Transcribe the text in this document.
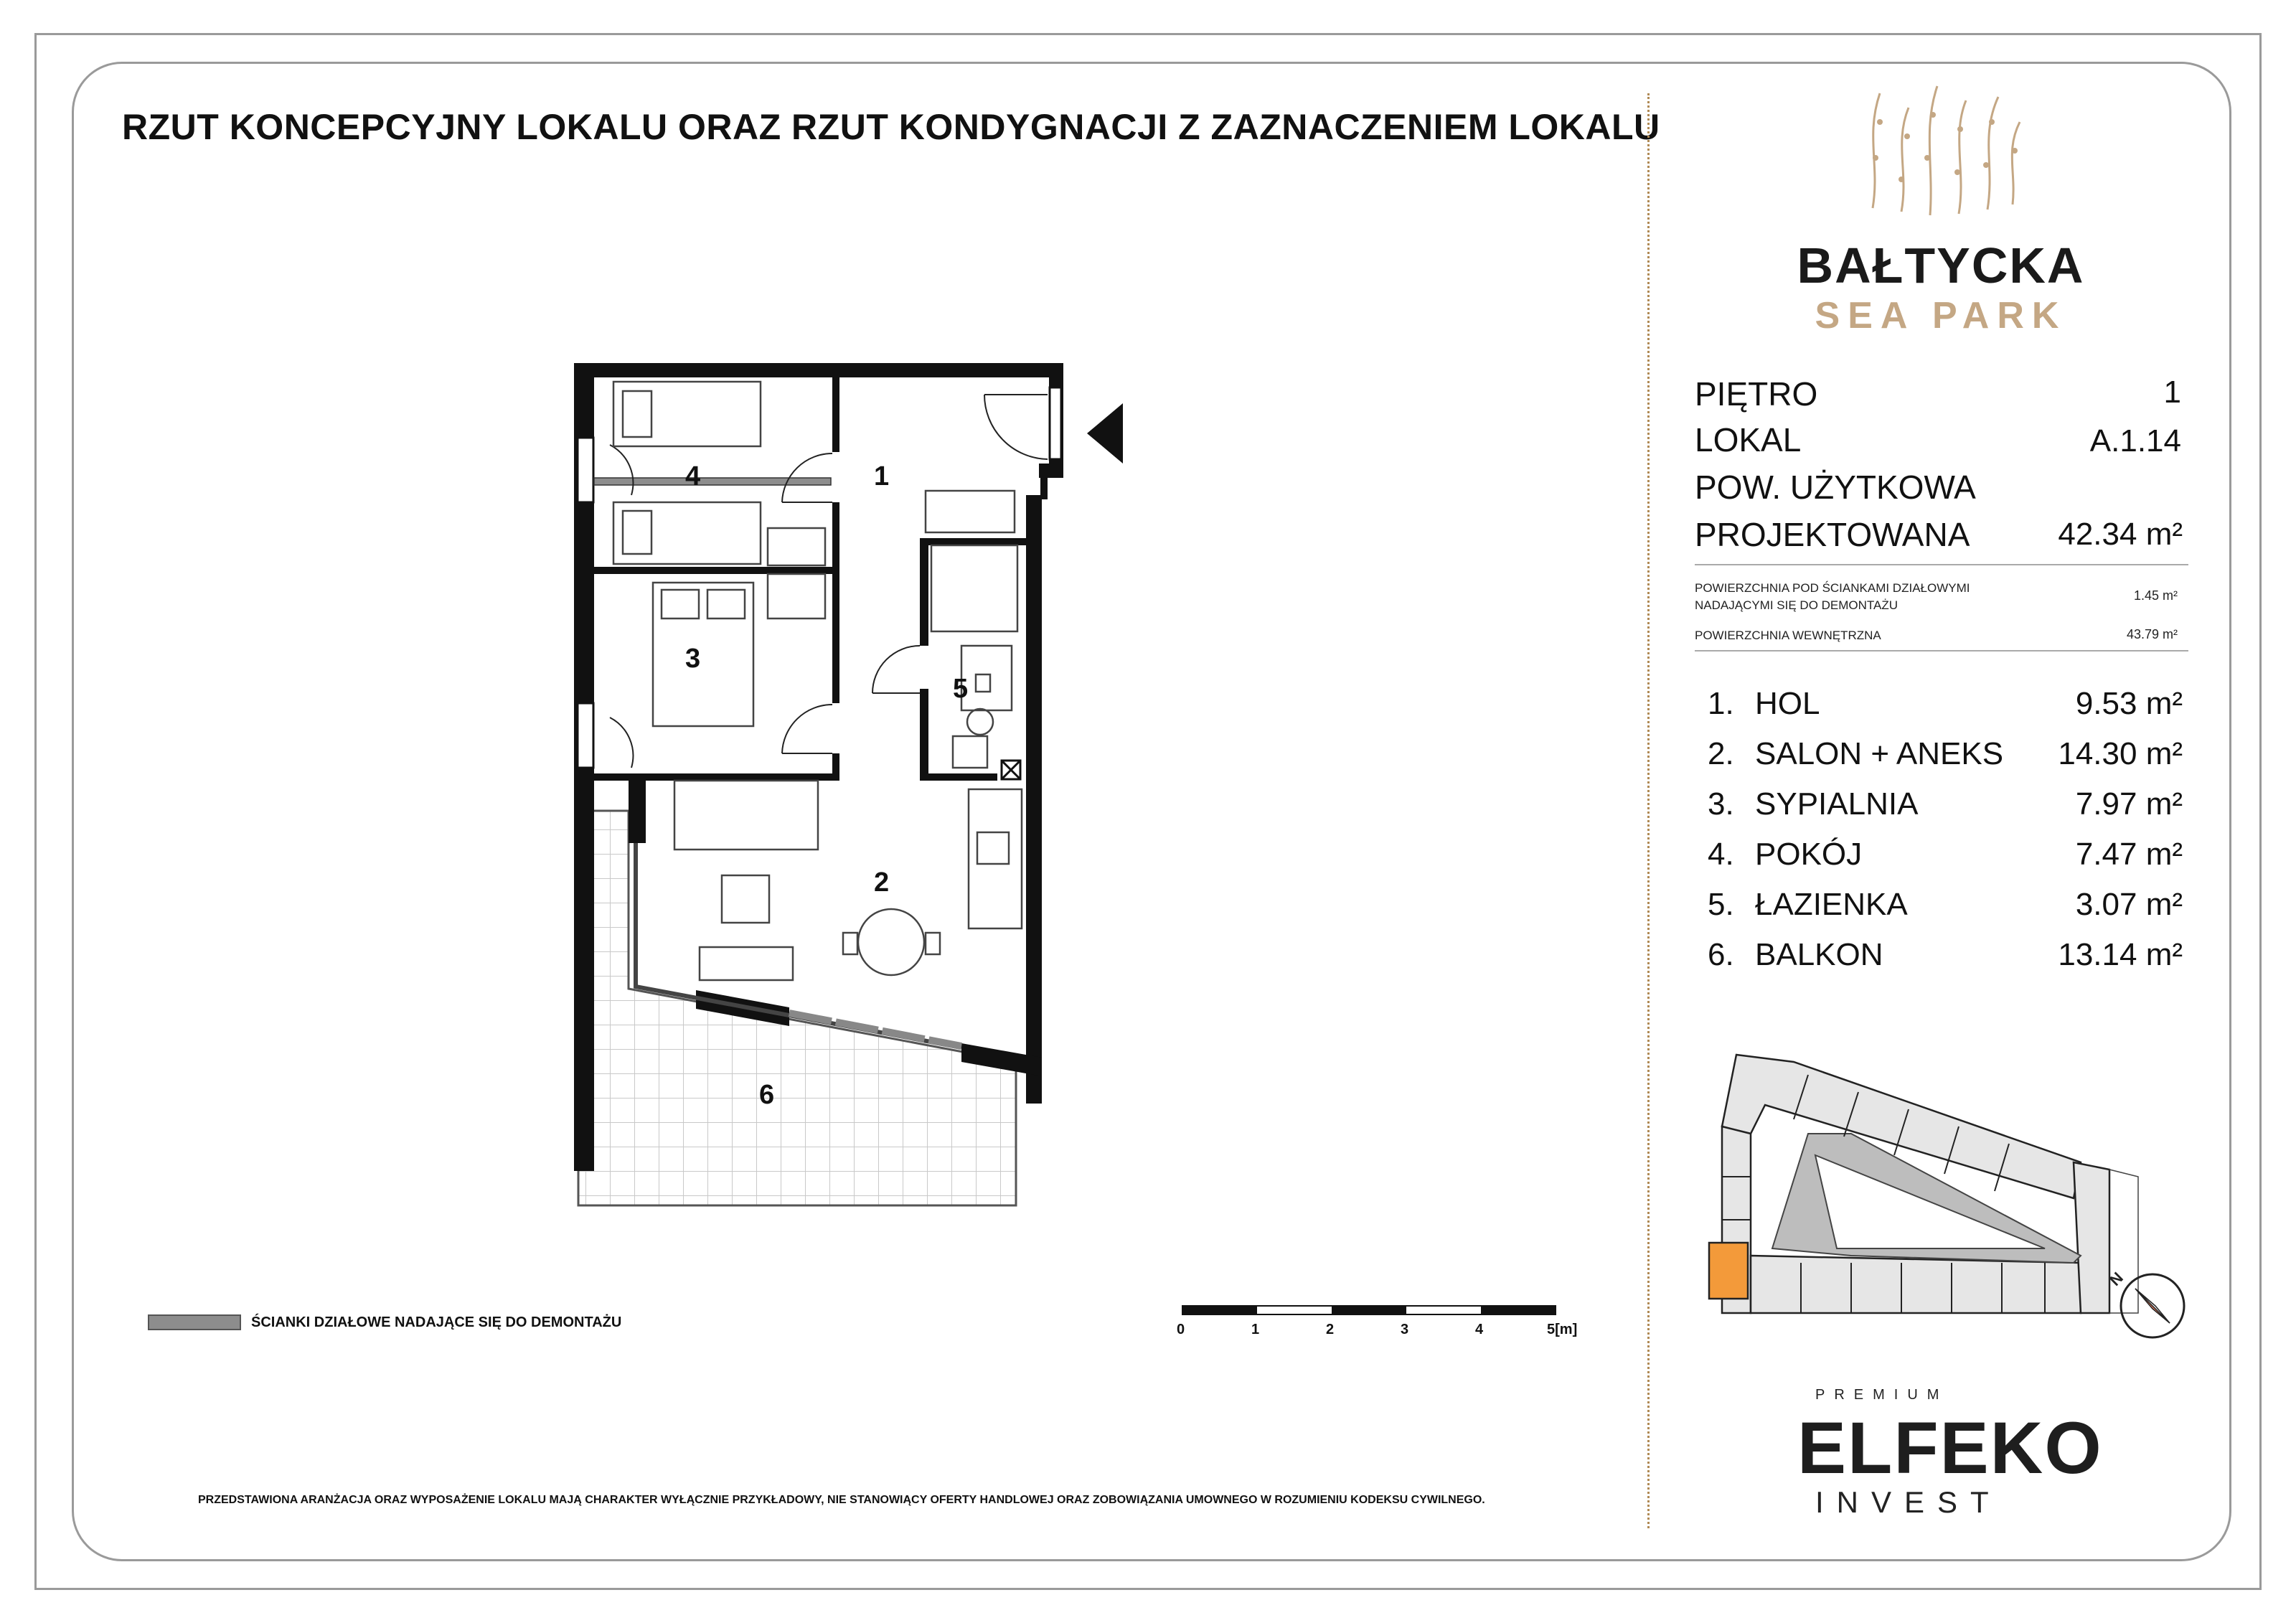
RZUT KONCEPCYJNY LOKALU ORAZ RZUT KONDYGNACJI Z ZAZNACZENIEM LOKALU
1
2
3
4
5
6
ŚCIANKI DZIAŁOWE NADAJĄCE SIĘ DO DEMONTAŻU	0	1	2	3	4	5[m]
PRZEDSTAWIONA ARANŻACJA ORAZ WYPOSAŻENIE LOKALU MAJĄ CHARAKTER WYŁĄCZNIE PRZYKŁADOWY, NIE STANOWIĄCY OFERTY HANDLOWEJ ORAZ ZOBOWIĄZANIA UMOWNEGO W ROZUMIENIU KODEKSU CYWILNEGO.
BAŁTYCKA
SEA PARK
PIĘTRO	1
LOKAL	A.1.14
POW. UŻYTKOWA
PROJEKTOWANA	42.34 m²
POWIERZCHNIA POD ŚCIANKAMI DZIAŁOWYMI
NADAJĄCYMI SIĘ DO DEMONTAŻU
1.45 m²
POWIERZCHNIA WEWNĘTRZNA	43.79 m²
1. HOL	9.53 m²
2. SALON + ANEKS	14.30 m²
3. SYPIALNIA	7.97 m²
4. POKÓJ	7.47 m²
5. ŁAZIENKA	3.07 m²
6. BALKON	13.14 m²
N
PREMIUM
ELFEKO
INVEST
